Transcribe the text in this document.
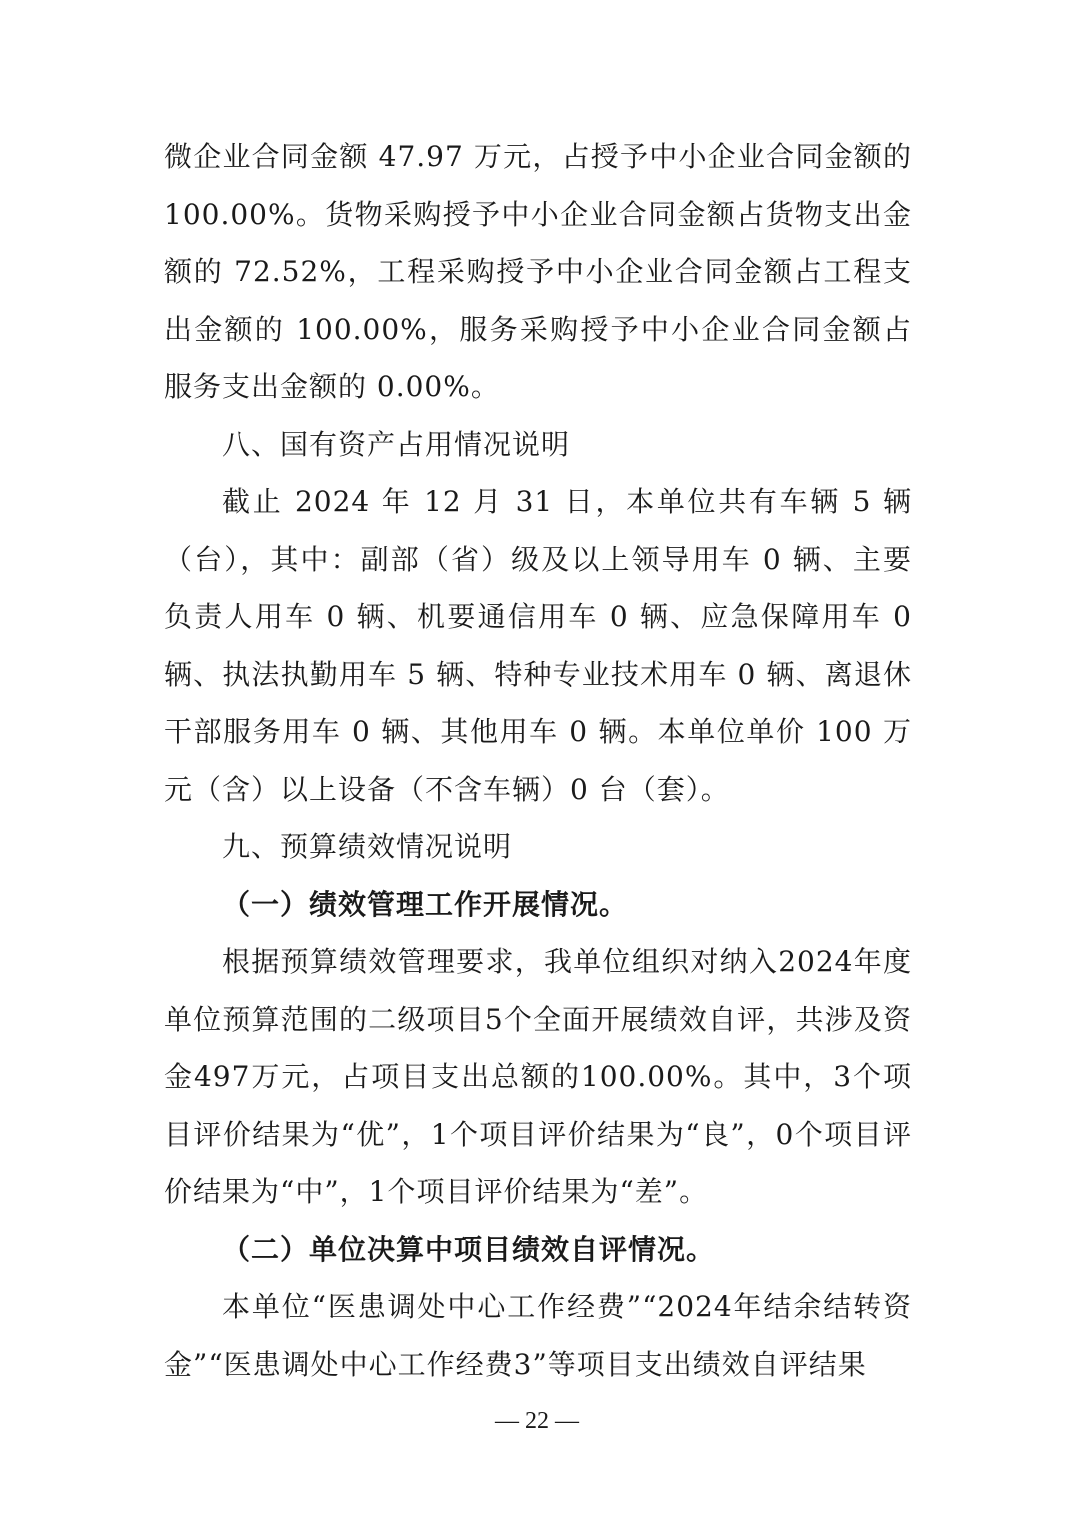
微企业合同金额 47.97 万元，占授予中小企业合同金额的 100.00%。货物采购授予中小企业合同金额占货物支出金额的 72.52%，工程采购授予中小企业合同金额占工程支出金额的 100.00%，服务采购授予中小企业合同金额占服务支出金额的 0.00%。

八、国有资产占用情况说明

截止 2024 年 12 月 31 日，本单位共有车辆 5 辆（台），其中：副部（省）级及以上领导用车 0 辆、主要负责人用车 0 辆、机要通信用车 0 辆、应急保障用车 0 辆、执法执勤用车 5 辆、特种专业技术用车 0 辆、离退休干部服务用车 0 辆、其他用车 0 辆。本单位单价 100 万元（含）以上设备（不含车辆）0 台（套）。

九、预算绩效情况说明

（一）绩效管理工作开展情况。

根据预算绩效管理要求，我单位组织对纳入2024年度单位预算范围的二级项目5个全面开展绩效自评，共涉及资金497万元，占项目支出总额的100.00%。其中，3个项目评价结果为“优”，1个项目评价结果为“良”，0个项目评价结果为“中”，1个项目评价结果为“差”。

（二）单位决算中项目绩效自评情况。

本单位“医患调处中心工作经费”“2024年结余结转资金”“医患调处中心工作经费3”等项目支出绩效自评结果

— 22 —
